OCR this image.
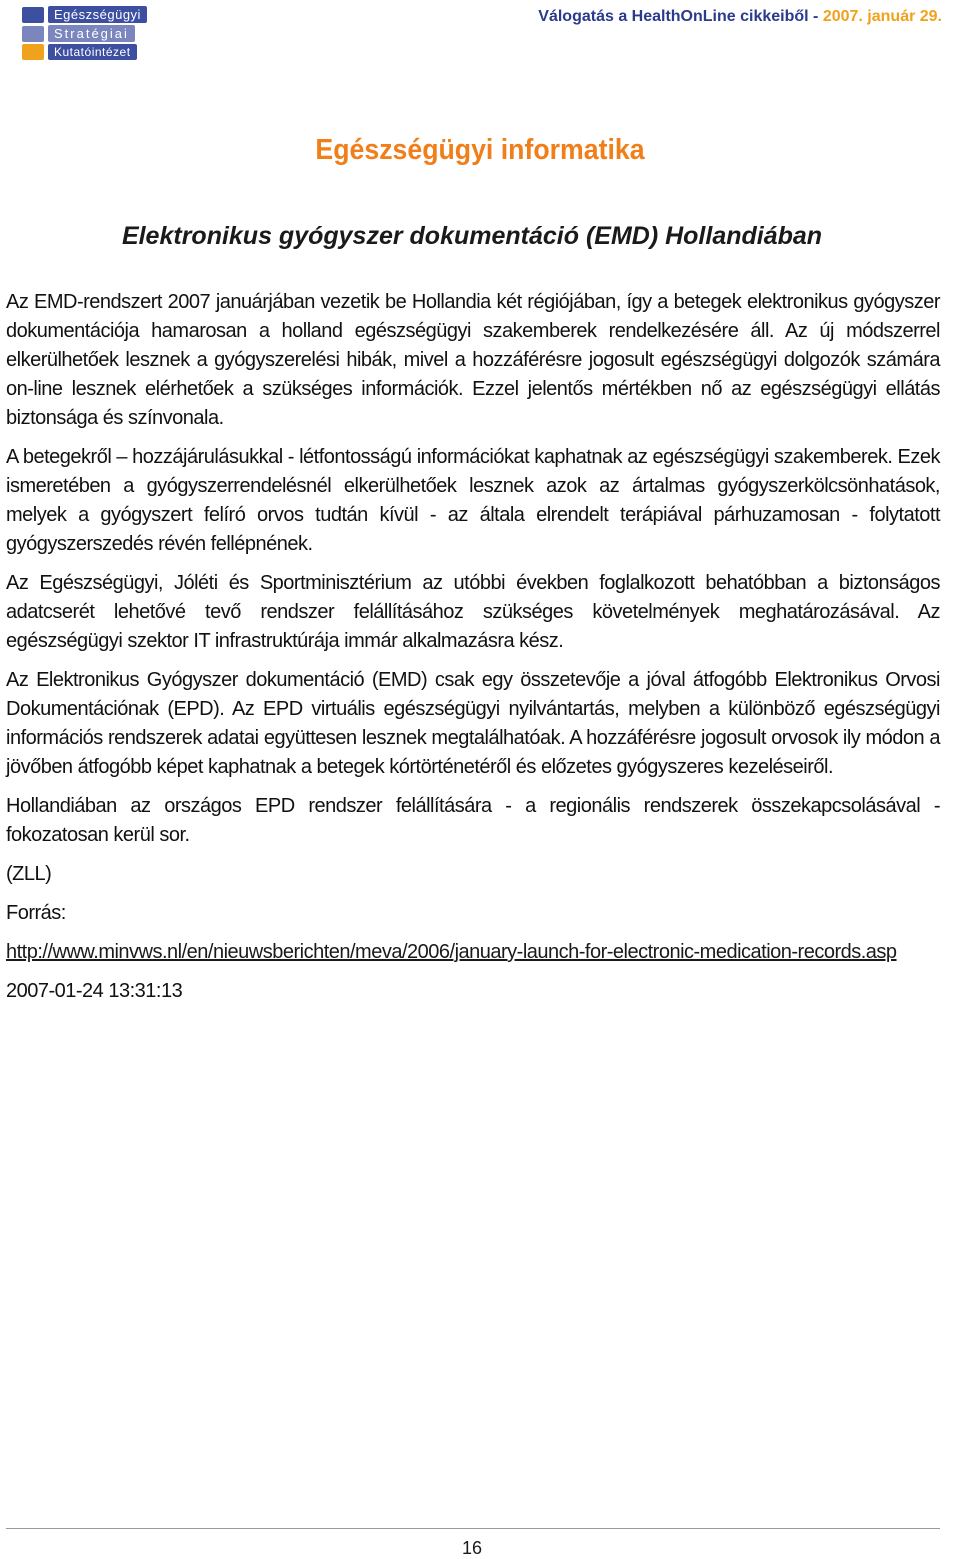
Egészségügyi
Stratégiai
Kutatóintézet
Válogatás a HealthOnLine cikkeiből - 2007. január 29.
Egészségügyi informatika
Elektronikus gyógyszer dokumentáció (EMD) Hollandiában

Az EMD-rendszert 2007 januárjában vezetik be Hollandia két régiójában, így a betegek elektronikus gyógyszer dokumentációja hamarosan a holland egészségügyi szakemberek rendelkezésére áll. Az új módszerrel elkerülhetőek lesznek a gyógyszerelési hibák, mivel a hozzáférésre jogosult egészségügyi dolgozók számára on-line lesznek elérhetőek a szükséges információk. Ezzel jelentős mértékben nő az egészségügyi ellátás biztonsága és színvonala.

A betegekről – hozzájárulásukkal - létfontosságú információkat kaphatnak az egészségügyi szakemberek. Ezek ismeretében a gyógyszerrendelésnél elkerülhetőek lesznek azok az ártalmas gyógyszerkölcsönhatások, melyek a gyógyszert felíró orvos tudtán kívül - az általa elrendelt terápiával párhuzamosan - folytatott gyógyszerszedés révén fellépnének.

Az Egészségügyi, Jóléti és Sportminisztérium az utóbbi években foglalkozott behatóbban a biztonságos adatcserét lehetővé tevő rendszer felállításához szükséges követelmények meghatározásával. Az egészségügyi szektor IT infrastruktúrája immár alkalmazásra kész.

Az Elektronikus Gyógyszer dokumentáció (EMD) csak egy összetevője a jóval átfogóbb Elektronikus Orvosi Dokumentációnak (EPD). Az EPD virtuális egészségügyi nyilvántartás, melyben a különböző egészségügyi információs rendszerek adatai együttesen lesznek megtalálhatóak. A hozzáférésre jogosult orvosok ily módon a jövőben átfogóbb képet kaphatnak a betegek kórtörténetéről és előzetes gyógyszeres kezeléseiről.

Hollandiában az országos EPD rendszer felállítására - a regionális rendszerek összekapcsolásával - fokozatosan kerül sor.

(ZLL)

Forrás:

http://www.minvws.nl/en/nieuwsberichten/meva/2006/january-launch-for-electronic-medication-records.asp

2007-01-24 13:31:13

16
